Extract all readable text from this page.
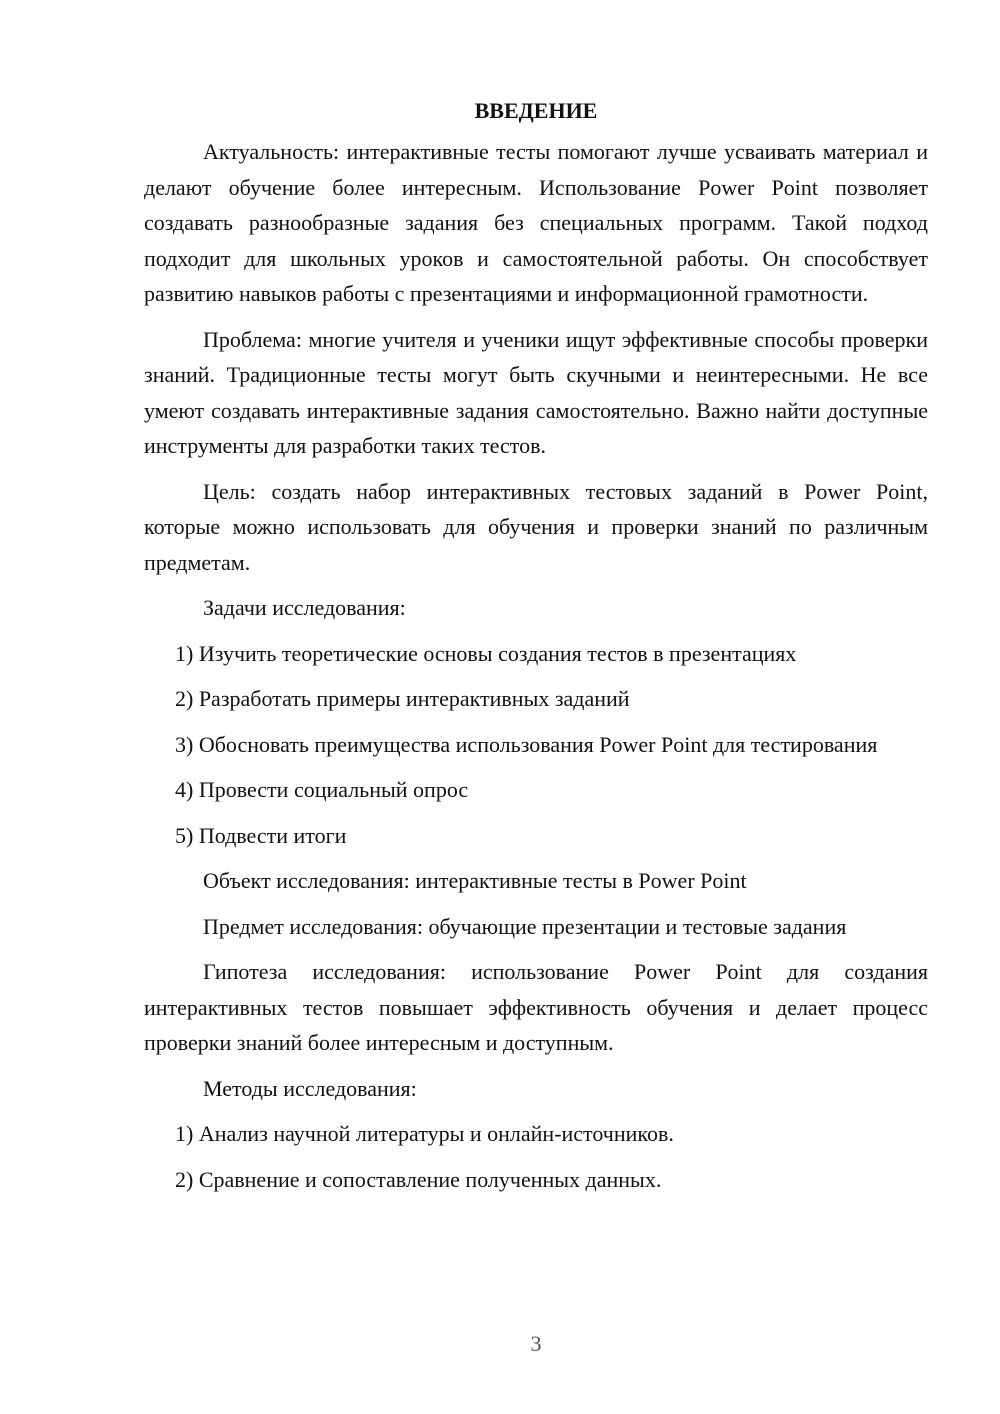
ВВЕДЕНИЕ

Актуальность: интерактивные тесты помогают лучше усваивать материал и делают обучение более интересным. Использование Power Point позволяет создавать разнообразные задания без специальных программ. Такой подход подходит для школьных уроков и самостоятельной работы. Он способствует развитию навыков работы с презентациями и информационной грамотности.

Проблема: многие учителя и ученики ищут эффективные способы проверки знаний. Традиционные тесты могут быть скучными и неинтересными. Не все умеют создавать интерактивные задания самостоятельно. Важно найти доступные инструменты для разработки таких тестов.

Цель: создать набор интерактивных тестовых заданий в Power Point, которые можно использовать для обучения и проверки знаний по различным предметам.

Задачи исследования:

1) Изучить теоретические основы создания тестов в презентациях

2) Разработать примеры интерактивных заданий

3) Обосновать преимущества использования Power Point для тестирования

4) Провести социальный опрос

5) Подвести итоги

Объект исследования: интерактивные тесты в Power Point

Предмет исследования: обучающие презентации и тестовые задания

Гипотеза исследования: использование Power Point для создания интерактивных тестов повышает эффективность обучения и делает процесс проверки знаний более интересным и доступным.

Методы исследования:

1) Анализ научной литературы и онлайн-источников.

2) Сравнение и сопоставление полученных данных.

3
